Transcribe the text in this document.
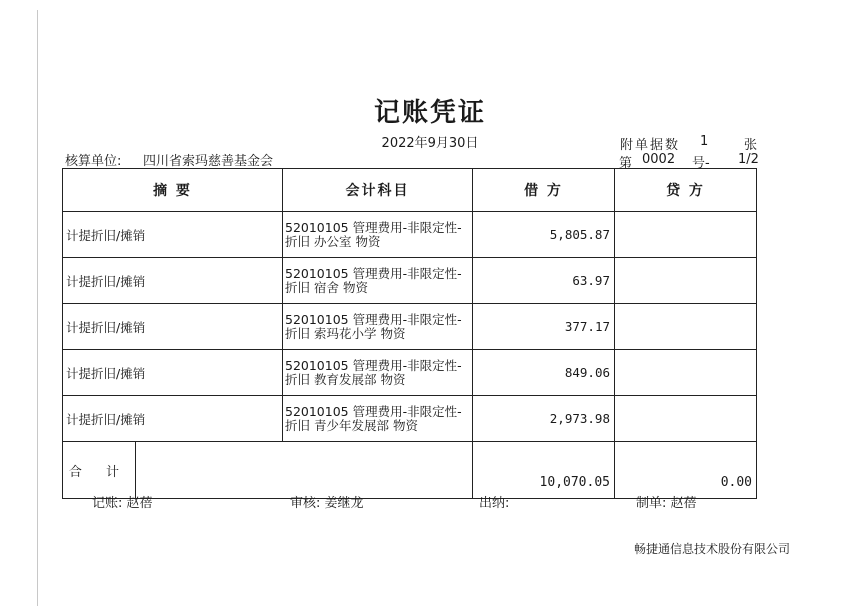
记账凭证
2022年9月30日	附单据数 1	张
核算单位: 四川省索玛慈善基金会	第 0002 号- 1/2
摘 要		会计科目	借 方	贷 方
计提折旧/摊销		52010105 管理费用-非限定性-
折旧 办公室 物资	5,805.87	
计提折旧/摊销		52010105 管理费用-非限定性-
折旧 宿舍 物资	63.97	
计提折旧/摊销		52010105 管理费用-非限定性-
折旧 索玛花小学 物资	377.17	
计提折旧/摊销		52010105 管理费用-非限定性-
折旧 教育发展部 物资	849.06	
计提折旧/摊销		52010105 管理费用-非限定性-
折旧 青少年发展部 物资	2,973.98	
合 计			10,070.05	0.00
记账: 赵蓓	审核: 姜继龙	出纳:	制单: 赵蓓
畅捷通信息技术股份有限公司
